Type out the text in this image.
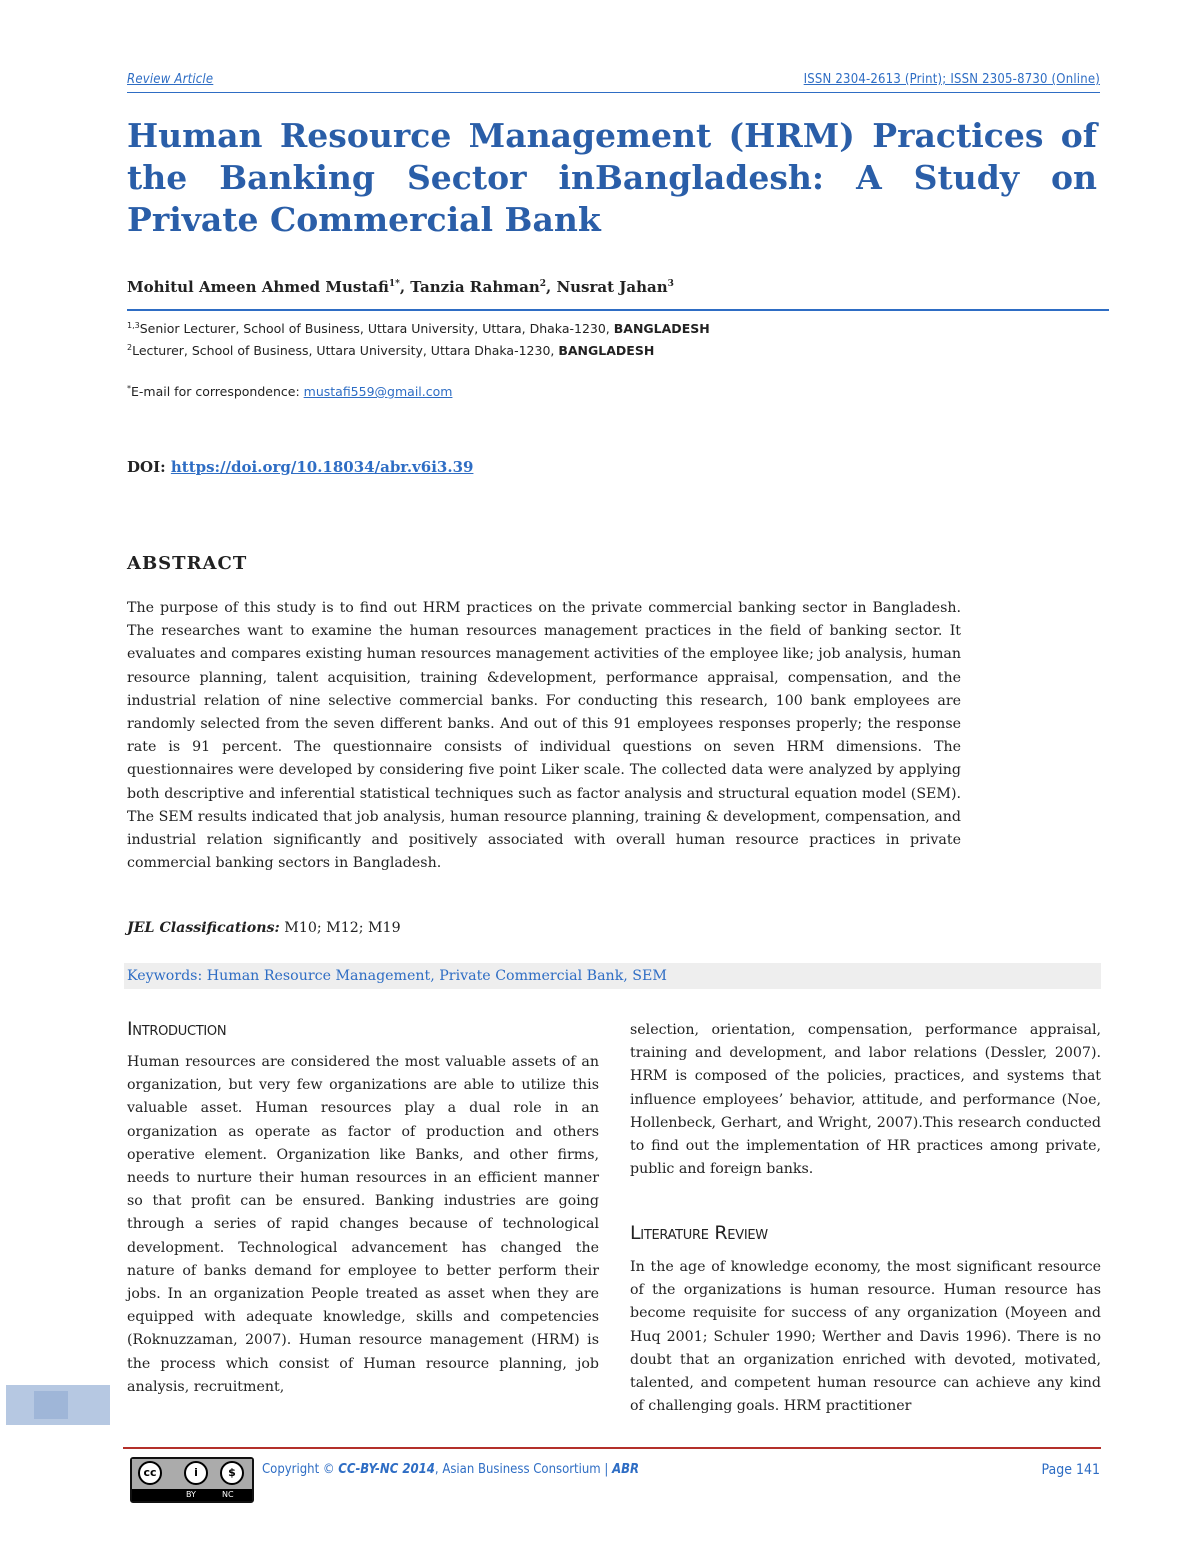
Review Article	ISSN 2304-2613 (Print); ISSN 2305-8730 (Online)
Human Resource Management (HRM) Practices of the Banking Sector inBangladesh: A Study on Private Commercial Bank
Mohitul Ameen Ahmed Mustafi$^{1*}$, Tanzia Rahman$^2$, Nusrat Jahan$^3$
$^{1,3}$Senior Lecturer, School of Business, Uttara University, Uttara, Dhaka-1230, BANGLADESH
$^2$Lecturer, School of Business, Uttara University, Uttara Dhaka-1230, BANGLADESH
*E-mail for correspondence: mustafi559@gmail.com
DOI: https://doi.org/10.18034/abr.v6i3.39
ABSTRACT

The purpose of this study is to find out HRM practices on the private commercial banking sector in Bangladesh. The researches want to examine the human resources management practices in the field of banking sector. It evaluates and compares existing human resources management activities of the employee like; job analysis, human resource planning, talent acquisition, training &development, performance appraisal, compensation, and the industrial relation of nine selective commercial banks. For conducting this research, 100 bank employees are randomly selected from the seven different banks. And out of this 91 employees responses properly; the response rate is 91 percent. The questionnaire consists of individual questions on seven HRM dimensions. The questionnaires were developed by considering five point Liker scale. The collected data were analyzed by applying both descriptive and inferential statistical techniques such as factor analysis and structural equation model (SEM). The SEM results indicated that job analysis, human resource planning, training & development, compensation, and industrial relation significantly and positively associated with overall human resource practices in private commercial banking sectors in Bangladesh.

JEL Classifications: M10; M12; M19
Keywords: Human Resource Management, Private Commercial Bank, SEM
Introduction

Human resources are considered the most valuable assets of an organization, but very few organizations are able to utilize this valuable asset. Human resources play a dual role in an organization as operate as factor of production and others operative element. Organization like Banks, and other firms, needs to nurture their human resources in an efficient manner so that profit can be ensured. Banking industries are going through a series of rapid changes because of technological development. Technological advancement has changed the nature of banks demand for employee to better perform their jobs. In an organization People treated as asset when they are equipped with adequate knowledge, skills and competencies (Roknuzzaman, 2007). Human resource management (HRM) is the process which consist of Human resource planning, job analysis, recruitment,

selection, orientation, compensation, performance appraisal, training and development, and labor relations (Dessler, 2007). HRM is composed of the policies, practices, and systems that influence employees’ behavior, attitude, and performance (Noe, Hollenbeck, Gerhart, and Wright, 2007).This research conducted to find out the implementation of HR practices among private, public and foreign banks.

Literature Review

In the age of knowledge economy, the most significant resource of the organizations is human resource. Human resource has become requisite for success of any organization (Moyeen and Huq 2001; Schuler 1990; Werther and Davis 1996). There is no doubt that an organization enriched with devoted, motivated, talented, and competent human resource can achieve any kind of challenging goals. HRM practitioner

cc	i	$
BY	NC
Copyright © CC-BY-NC 2014, Asian Business Consortium | ABR	Page 141
